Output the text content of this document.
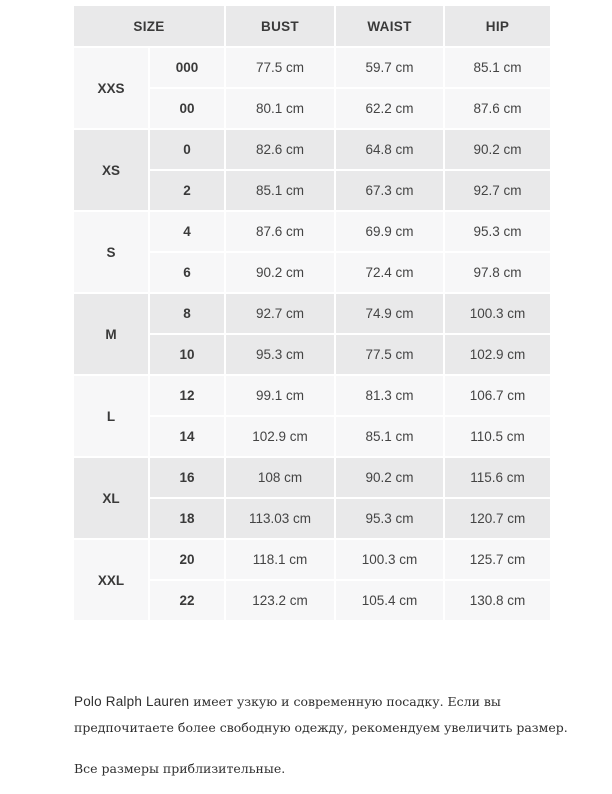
SIZE		BUST	WAIST	HIP
XXS	000	77.5 cm	59.7 cm	85.1 cm
	00	80.1 cm	62.2 cm	87.6 cm
XS	0	82.6 cm	64.8 cm	90.2 cm
	2	85.1 cm	67.3 cm	92.7 cm
S	4	87.6 cm	69.9 cm	95.3 cm
	6	90.2 cm	72.4 cm	97.8 cm
M	8	92.7 cm	74.9 cm	100.3 cm
	10	95.3 cm	77.5 cm	102.9 cm
L	12	99.1 cm	81.3 cm	106.7 cm
	14	102.9 cm	85.1 cm	110.5 cm
XL	16	108 cm	90.2 cm	115.6 cm
	18	113.03 cm	95.3 cm	120.7 cm
XXL	20	118.1 cm	100.3 cm	125.7 cm
	22	123.2 cm	105.4 cm	130.8 cm
Polo Ralph Lauren имеет узкую и современную посадку. Если вы
предпочитаете более свободную одежду, рекомендуем увеличить размер.
Все размеры приблизительные.
